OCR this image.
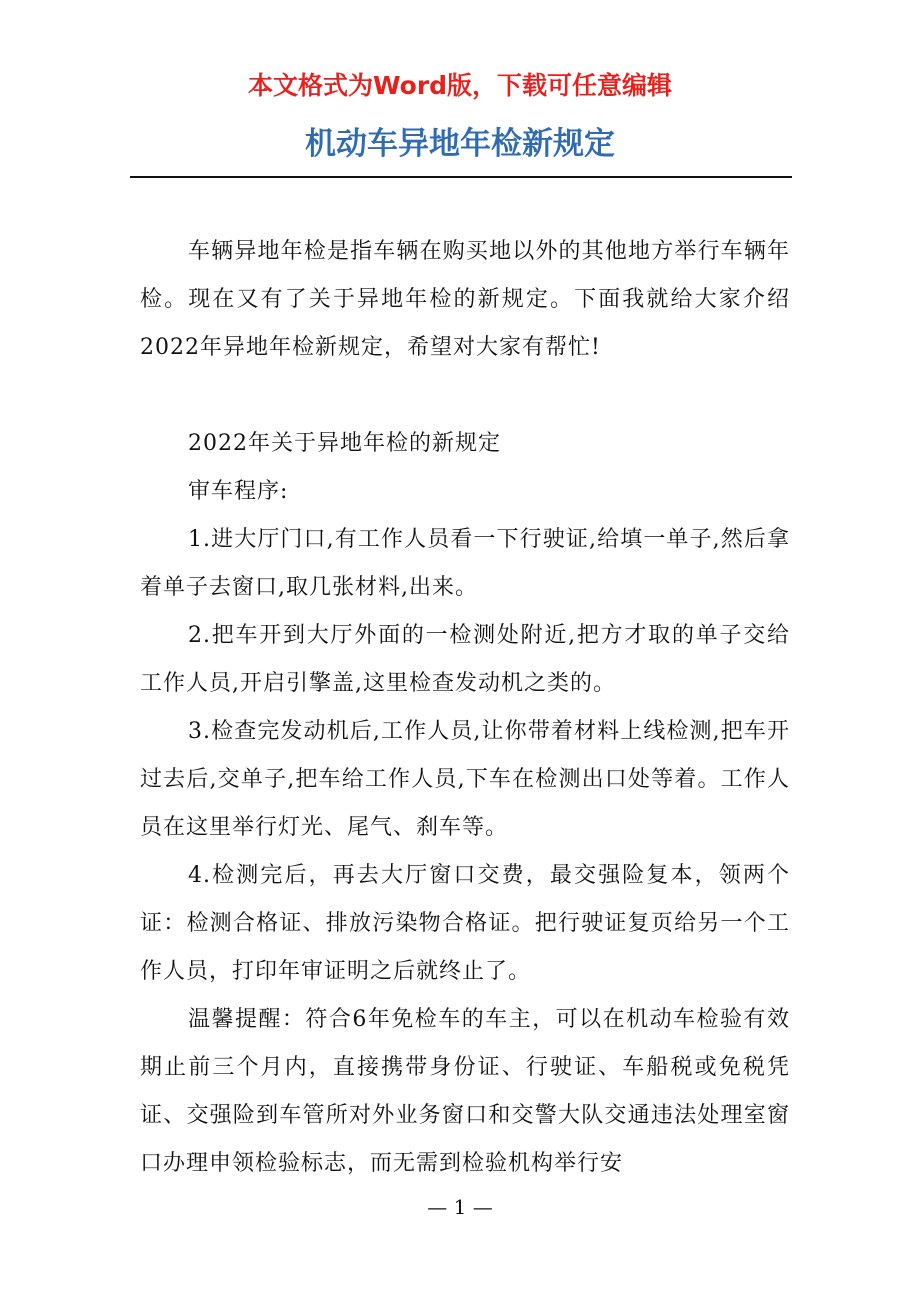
本文格式为Word版，下载可任意编辑
机动车异地年检新规定

车辆异地年检是指车辆在购买地以外的其他地方举行车辆年检。现在又有了关于异地年检的新规定。下面我就给大家介绍2022年异地年检新规定，希望对大家有帮忙!

2022年关于异地年检的新规定

审车程序:

1.进大厅门口,有工作人员看一下行驶证,给填一单子,然后拿着单子去窗口,取几张材料,出来。

2.把车开到大厅外面的一检测处附近,把方才取的单子交给工作人员,开启引擎盖,这里检查发动机之类的。

3.检查完发动机后,工作人员,让你带着材料上线检测,把车开过去后,交单子,把车给工作人员,下车在检测出口处等着。工作人员在这里举行灯光、尾气、刹车等。

4.检测完后，再去大厅窗口交费，最交强险复本，领两个证：检测合格证、排放污染物合格证。把行驶证复页给另一个工作人员，打印年审证明之后就终止了。

温馨提醒：符合6年免检车的车主，可以在机动车检验有效期止前三个月内，直接携带身份证、行驶证、车船税或免税凭证、交强险到车管所对外业务窗口和交警大队交通违法处理室窗口办理申领检验标志，而无需到检验机构举行安

— 1 —
